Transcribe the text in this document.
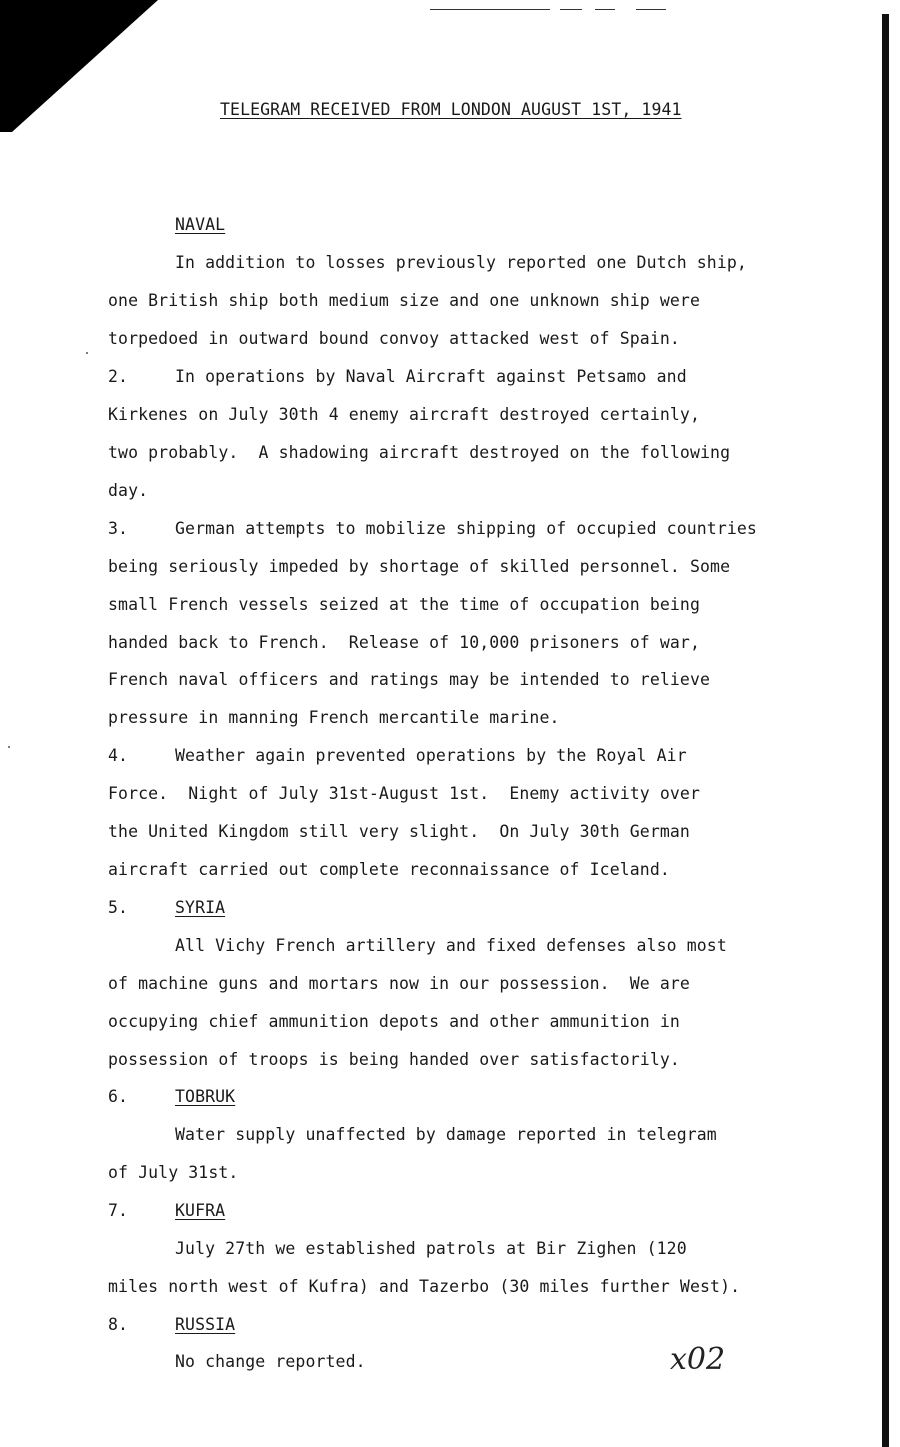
TELEGRAM RECEIVED FROM LONDON AUGUST 1ST, 1941
NAVAL
In addition to losses previously reported one Dutch ship,
one British ship both medium size and one unknown ship were
torpedoed in outward bound convoy attacked west of Spain.
2.	In operations by Naval Aircraft against Petsamo and
Kirkenes on July 30th 4 enemy aircraft destroyed certainly,
two probably.  A shadowing aircraft destroyed on the following
day.
3.	German attempts to mobilize shipping of occupied countries
being seriously impeded by shortage of skilled personnel. Some
small French vessels seized at the time of occupation being
handed back to French.  Release of 10,000 prisoners of war,
French naval officers and ratings may be intended to relieve
pressure in manning French mercantile marine.
4.	Weather again prevented operations by the Royal Air
Force.  Night of July 31st-August 1st.  Enemy activity over
the United Kingdom still very slight.  On July 30th German
aircraft carried out complete reconnaissance of Iceland.
5.	SYRIA
All Vichy French artillery and fixed defenses also most
of machine guns and mortars now in our possession.  We are
occupying chief ammunition depots and other ammunition in
possession of troops is being handed over satisfactorily.
6.	TOBRUK
Water supply unaffected by damage reported in telegram
of July 31st.
7.	KUFRA
July 27th we established patrols at Bir Zighen (120
miles north west of Kufra) and Tazerbo (30 miles further West).
8.	RUSSIA
No change reported.	x02
